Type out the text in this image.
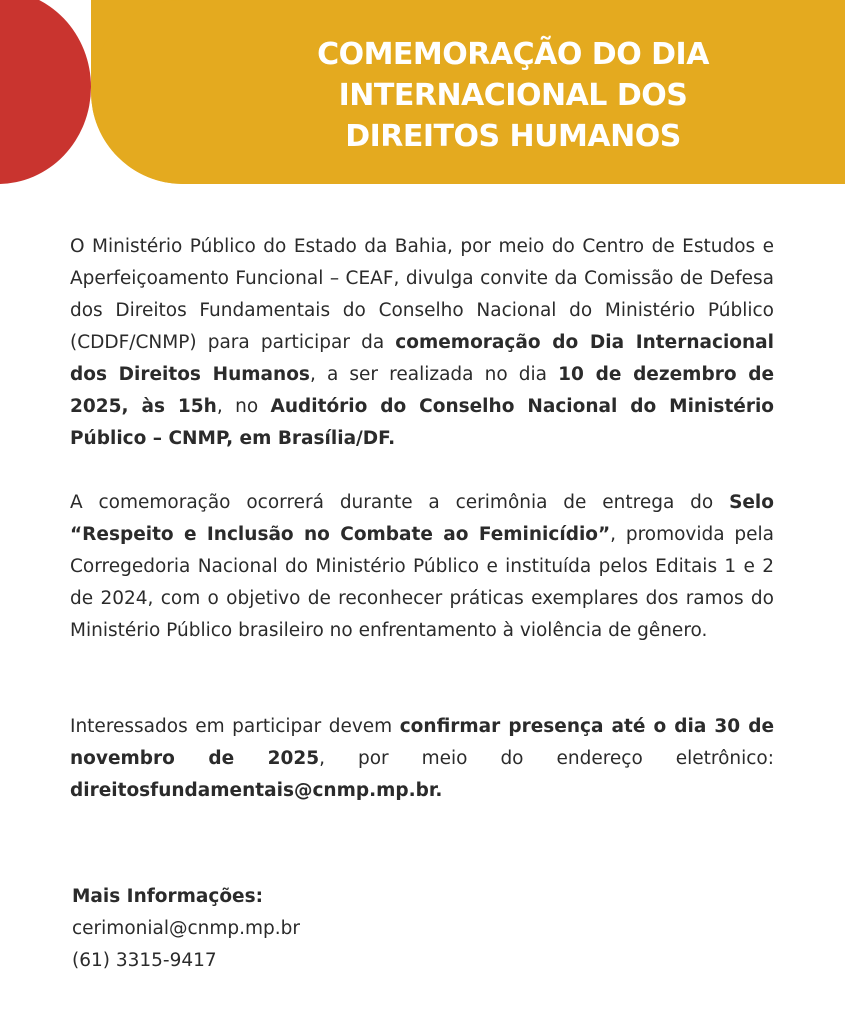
COMEMORAÇÃO DO DIA
INTERNACIONAL DOS
DIREITOS HUMANOS

O Ministério Público do Estado da Bahia, por meio do Centro de Estudos e Aperfeiçoamento Funcional – CEAF, divulga convite da Comissão de Defesa dos Direitos Fundamentais do Conselho Nacional do Ministério Público (CDDF/CNMP) para participar da comemoração do Dia Internacional dos Direitos Humanos, a ser realizada no dia 10 de dezembro de 2025, às 15h, no Auditório do Conselho Nacional do Ministério Público – CNMP, em Brasília/DF.

A comemoração ocorrerá durante a cerimônia de entrega do Selo “Respeito e Inclusão no Combate ao Feminicídio”, promovida pela Corregedoria Nacional do Ministério Público e instituída pelos Editais 1 e 2 de 2024, com o objetivo de reconhecer práticas exemplares dos ramos do Ministério Público brasileiro no enfrentamento à violência de gênero.

Interessados em participar devem confirmar presença até o dia 30 de novembro de 2025, por meio do endereço eletrônico: direitosfundamentais@cnmp.mp.br.

Mais Informações:
cerimonial@cnmp.mp.br
(61) 3315-9417
